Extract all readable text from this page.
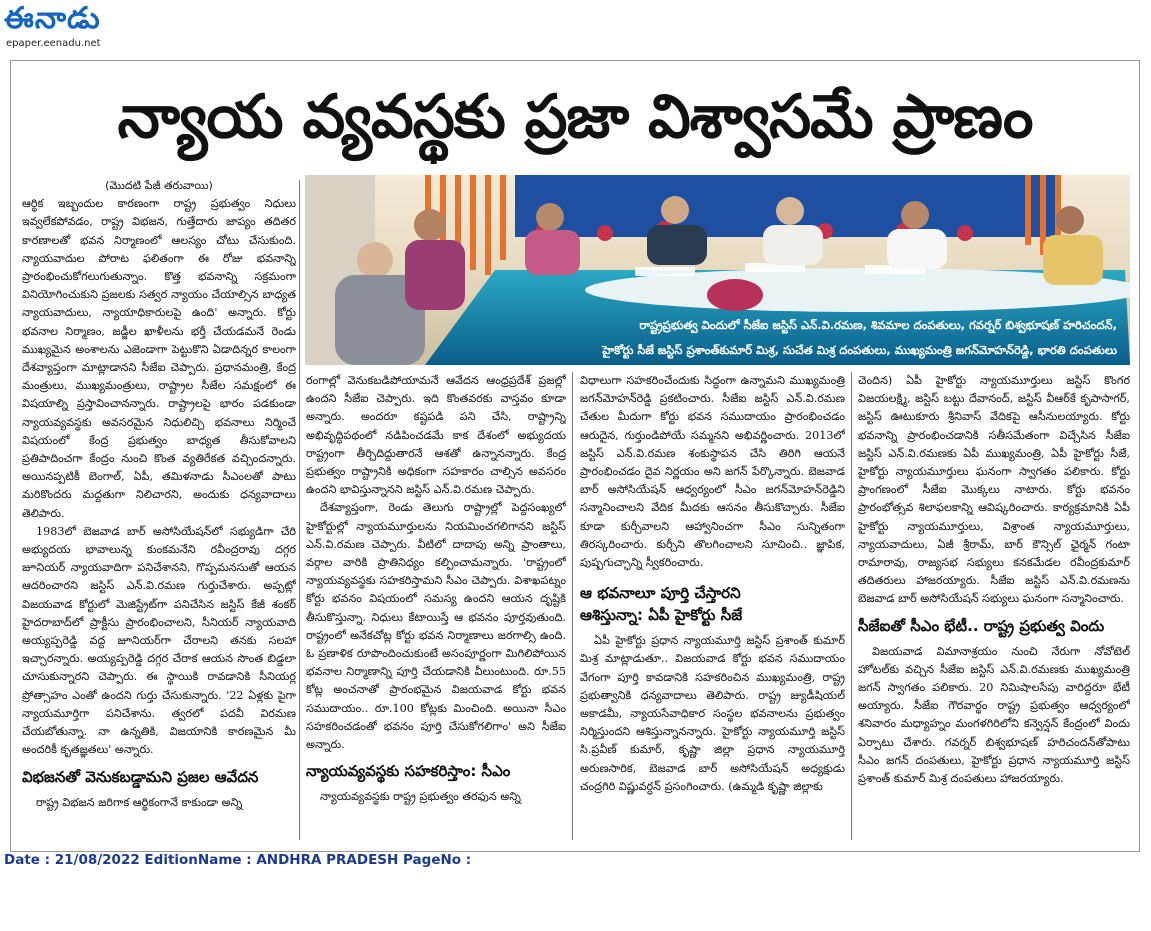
ఈనాడు
epaper.eenadu.net
న్యాయ వ్యవస్థకు ప్రజా విశ్వాసమే ప్రాణం
రాష్ట్రప్రభుత్వ విందులో సీజేఐ జస్టిస్ ఎన్.వి.రమణ, శివమాల దంపతులు, గవర్నర్ బిశ్వభూషణ్ హరిచందన్,
హైకోర్టు సీజే జస్టిస్ ప్రశాంత్‌కుమార్ మిశ్ర, సుచేత మిశ్ర దంపతులు, ముఖ్యమంత్రి జగన్‌మోహన్‌రెడ్డి, భారతి దంపతులు

(మొదటి పేజీ తరువాయి)

ఆర్థిక ఇబ్బందుల కారణంగా రాష్ట్ర ప్రభుత్వం నిధులు ఇవ్వలేకపోవడం, రాష్ట్ర విభజన, గుత్తేదారు జాప్యం తదితర కారణాలతో భవన నిర్మాణంలో ఆలస్యం చోటు చేసుకుంది. న్యాయవాదుల పోరాట ఫలితంగా ఈ రోజు భవనాన్ని ప్రారంభించుకోగలుగుతున్నాం. కొత్త భవనాన్ని సక్రమంగా వినియోగించుకుని ప్రజలకు సత్వర న్యాయం చేయాల్సిన బాధ్యత న్యాయవాదులు, న్యాయాధికారులపై ఉంది' అన్నారు. కోర్టు భవనాల నిర్మాణం, జడ్జీల ఖాళీలను భర్తీ చేయడమనే రెండు ముఖ్యమైన అంశాలను ఎజెండాగా పెట్టుకొని ఏడాదిన్నర కాలంగా దేశవ్యాప్తంగా మాట్లాడానని సీజేఐ చెప్పారు. ప్రధానమంత్రి, కేంద్ర మంత్రులు, ముఖ్యమంత్రులు, రాష్ట్రాల సీజేల సమక్షంలో ఈ విషయాల్ని ప్రస్తావించానన్నారు. రాష్ట్రాలపై భారం పడకుండా న్యాయవ్యవస్థకు అవసరమైన నిధులిచ్చి భవనాలు నిర్మించే విషయంలో కేంద్ర ప్రభుత్వం బాధ్యత తీసుకోవాలని ప్రతిపాదించగా కేంద్రం నుంచి కొంత వ్యతిరేకత వచ్చిందన్నారు. అయినప్పటికీ బెంగాల్, ఏపీ, తమిళనాడు సీఎంలతో పాటు మరికొందరు మద్దతుగా నిలిచారని, అందుకు ధన్యవాదాలు తెలిపారు.

1983లో బెజవాడ బార్ అసోసియేషన్‌లో సభ్యుడిగా చేరి అభ్యుదయ భావాలున్న కుంకమనేని రవీంద్రరావు దగ్గర జూనియర్ న్యాయవాదిగా పనిచేశానని, గొప్పమనసుతో ఆయన ఆదరించారని జస్టిస్ ఎన్.వి.రమణ గుర్తుచేశారు. అప్పట్లో విజయవాడ కోర్టులో మెజిస్ట్రేట్‌గా పనిచేసిన జస్టిస్ కేజీ శంకర్ హైదరాబాద్‌లో ప్రాక్టీసు ప్రారంభించాలని, సీనియర్ న్యాయవాది అయ్యప్పరెడ్డి వద్ద జూనియర్‌గా చేరాలని తనకు సలహా ఇచ్చారన్నారు. అయ్యప్పరెడ్డి దగ్గర చేరాక ఆయన సొంత బిడ్డలా చూసుకున్నారని చెప్పారు. ఈ స్థాయికి రావడానికి సీనియర్ల ప్రోత్సాహం ఎంతో ఉందని గుర్తు చేసుకున్నారు. '22 ఏళ్లకు పైగా న్యాయమూర్తిగా పనిచేశాను. త్వరలో పదవీ విరమణ చేయబోతున్నా. నా ఉన్నతికి, విజయానికి కారణమైన మీ అందరికీ కృతజ్ఞతలు' అన్నారు.

విభజనతో వెనుకబడ్డామని ప్రజల ఆవేదన

రాష్ట్ర విభజన జరిగాక ఆర్థికంగానే కాకుండా అన్ని

రంగాల్లో వెనుకబడిపోయామనే ఆవేదన ఆంధ్రప్రదేశ్ ప్రజల్లో ఉందని సీజేఐ చెప్పారు. ఇది కొంతవరకు వాస్తవం కూడా అన్నారు. అందరూ కష్టపడి పని చేసి, రాష్ట్రాన్ని అభివృద్ధిపథంలో నడిపించడమే కాక దేశంలో అభ్యుదయ రాష్ట్రంగా తీర్చిదిద్దుతారనే ఆశతో ఉన్నానన్నారు. కేంద్ర ప్రభుత్వం రాష్ట్రానికి అధికంగా సహకారం చాల్సిన అవసరం ఉందని భావిస్తున్నానని జస్టిస్ ఎన్.వి.రమణ చెప్పారు.

దేశవ్యాప్తంగా, రెండు తెలుగు రాష్ట్రాల్లో పెద్దసంఖ్యలో హైకోర్టుల్లో న్యాయమూర్తులను నియమించగలిగానని జస్టిస్ ఎన్.వి.రమణ చెప్పారు. వీటిలో దాదాపు అన్ని ప్రాంతాలు, వర్గాల వారికి ప్రాతినిధ్యం కల్పించామన్నారు. 'రాష్ట్రంలో న్యాయవ్యవస్థకు సహకరిస్తామని సీఎం చెప్పారు. విశాఖపట్నం కోర్టు భవనం విషయంలో సమస్య ఉందని ఆయన దృష్టికి తీసుకొస్తున్నా. నిధులు కేటాయిస్తే ఆ భవనం పూర్తవుతుంది. రాష్ట్రంలో అనేకచోట్ల కోర్టు భవన నిర్మాణాలు జరగాల్సి ఉంది. ఓ ప్రణాళిక రూపొందించుకుంటే అసంపూర్ణంగా మిగిలిపోయిన భవనాల నిర్మాణాన్ని పూర్తి చేయడానికి వీలుంటుంది. రూ.55 కోట్ల అంచనాతో ప్రారంభమైన విజయవాడ కోర్టు భవన సముదాయం.. రూ.100 కోట్లకు మించింది. అయినా సీఎం సహకరించడంతో భవనం పూర్తి చేసుకోగలిగాం' అని సీజేఐ అన్నారు.

న్యాయవ్యవస్థకు సహకరిస్తాం: సీఎం

న్యాయవ్యవస్థకు రాష్ట్ర ప్రభుత్వం తరఫున అన్ని

విధాలుగా సహకరించేందుకు సిద్ధంగా ఉన్నామని ముఖ్యమంత్రి జగన్‌మోహన్‌రెడ్డి ప్రకటించారు. సీజేఐ జస్టిస్ ఎన్.వి.రమణ చేతుల మీదుగా కోర్టు భవన సముదాయం ప్రారంభించడం ఆరుదైన, గుర్తుండిపోయే సమ్మనని అభివర్ణించారు. 2013లో జస్టిస్ ఎన్.వి.రమణ శంకుస్థాపన చేసి తిరిగి ఆయనే ప్రారంభించడం దైవ నిర్ణయం అని జగన్ పేర్కొన్నారు. బెజవాడ బార్ అసోసియేషన్ ఆధ్వర్యంలో సీఎం జగన్‌మోహన్‌రెడ్డిని సన్మానించాలని వేదిక మీదకు ఆసనం తీసుకొచ్చారు. సీజేఐ కూడా కుర్చీవాలని ఆహ్వానించగా సీఎం సున్నితంగా తిరస్కరించారు. కుర్చీని తొలగించాలని సూచించి.. జ్ఞాపిక, పుష్పగుచ్ఛాన్ని స్వీకరించారు.

ఆ భవనాలూ పూర్తి చేస్తారని
ఆశిస్తున్నా: ఏపీ హైకోర్టు సీజే

ఏపీ హైకోర్టు ప్రధాన న్యాయమూర్తి జస్టిస్ ప్రశాంత్ కుమార్ మిశ్ర మాట్లాడుతూ.. విజయవాడ కోర్టు భవన సముదాయం వేగంగా పూర్తి కావడానికి సహకరించిన ముఖ్యమంత్రి, రాష్ట్ర ప్రభుత్వానికి ధన్యవాదాలు తెలిపారు. రాష్ట్ర జ్యుడీషియల్ అకాడమీ, న్యాయసేవాధికార సంస్థల భవనాలను ప్రభుత్వం నిర్మిస్తుందని ఆశిస్తున్నానన్నారు. హైకోర్టు న్యాయమూర్తి జస్టిస్ సి.ప్రవీణ్ కుమార్, కృష్ణా జిల్లా ప్రధాన న్యాయమూర్తి అరుణసారిక, బెజవాడ బార్ అసోసియేషన్ అధ్యక్షుడు చంద్రగిరి విష్ణువర్ధన్ ప్రసంగించారు. (ఉమ్మడి కృష్ణా జిల్లాకు

చెందిన) ఏపీ హైకోర్టు న్యాయమూర్తులు జస్టిస్ కొంగర విజయలక్ష్మి, జస్టిస్ బట్టు దేవానంద్, జస్టిస్ వీఆర్‌కే కృపాసాగర్, జస్టిస్ ఊటుకూరు శ్రీనివాస్ వేదికపై ఆసీనులయ్యారు. కోర్టు భవనాన్ని ప్రారంభించడానికి సతీసమేతంగా విచ్చేసిన సీజేఐ జస్టిస్ ఎన్.వి.రమణకు ఏపీ ముఖ్యమంత్రి, ఏపీ హైకోర్టు సీజే, హైకోర్టు న్యాయమూర్తులు ఘనంగా స్వాగతం పలికారు. కోర్టు ప్రాంగణంలో సీజేఐ మొక్కలు నాటారు. కోర్టు భవనం ప్రారంభోత్సవ శిలాఫలకాన్ని ఆవిష్కరించారు. కార్యక్రమానికి ఏపీ హైకోర్టు న్యాయమూర్తులు, విశ్రాంత న్యాయమూర్తులు, న్యాయవాదులు, ఏజీ శ్రీరామ్, బార్ కౌన్సిల్ ఛైర్మన్ గంటా రామారావు, రాజ్యసభ సభ్యులు కనకమేడల రవీంద్రకుమార్ తదితరులు హాజరయ్యారు. సీజేఐ జస్టిస్ ఎన్.వి.రమణను బెజవాడ బార్ అసోసియేషన్ సభ్యులు ఘనంగా సన్మానించారు.

సీజేఐతో సీఎం భేటీ.. రాష్ట్ర ప్రభుత్వ విందు

విజయవాడ విమానాశ్రయం నుంచి నేరుగా నోవోటెల్ హోటల్‌కు వచ్చిన సీజేఐ జస్టిస్ ఎన్.వి.రమణకు ముఖ్యమంత్రి జగన్ స్వాగతం పలికారు. 20 నిమిషాలసేపు వారిద్దరూ భేటీ అయ్యారు. సీజేఐ గౌరవార్థం రాష్ట్ర ప్రభుత్వం ఆధ్వర్యంలో శనివారం మధ్యాహ్నం మంగళగిరిలోని కన్వెన్షన్ కేంద్రంలో విందు ఏర్పాటు చేశారు. గవర్నర్ బిశ్వభూషణ్ హరిచందన్‌తోపాటు సీఎం జగన్ దంపతులు, హైకోర్టు ప్రధాన న్యాయమూర్తి జస్టిస్ ప్రశాంత్ కుమార్ మిశ్ర దంపతులు హాజరయ్యారు.

Date : 21/08/2022 EditionName : ANDHRA PRADESH PageNo :
